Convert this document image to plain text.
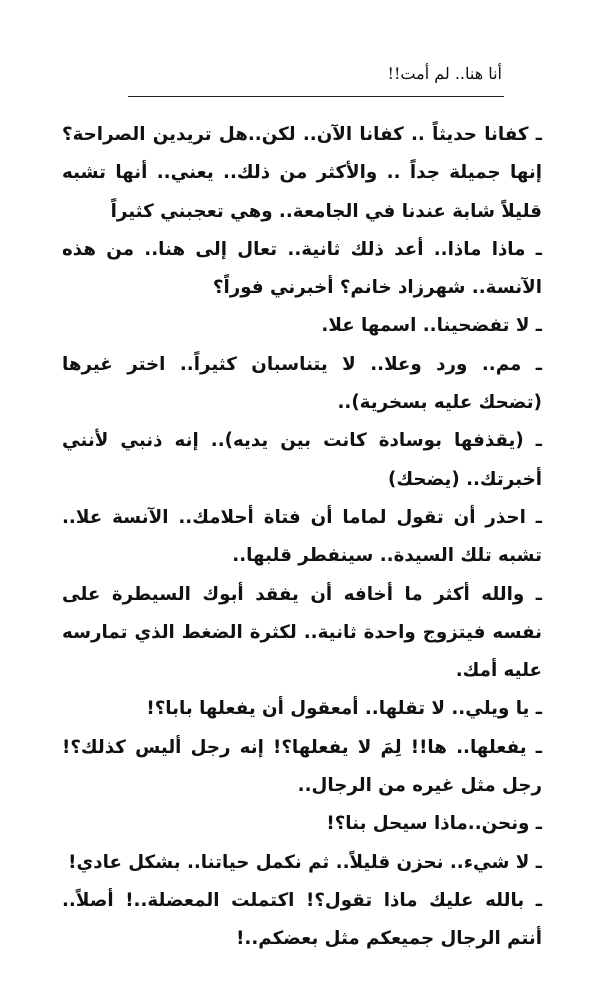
أنا هنا.. لم أمت!!

ـ كفانا حديثاً .. كفانا الآن.. لكن..هل تريدين الصراحة؟ إنها جميلة جداً .. والأكثر من ذلك.. يعني.. أنها تشبه قليلاً شابة عندنا في الجامعة.. وهي تعجبني كثيراً

ـ ماذا ماذا.. أعد ذلك ثانية.. تعال إلى هنا.. من هذه الآنسة.. شهرزاد خانم؟ أخبرني فوراً؟

ـ لا تفضحينا.. اسمها علا.

ـ مم.. ورد وعلا.. لا يتناسبان كثيراً.. اختر غيرها (تضحك عليه بسخرية)..

ـ (يقذفها بوسادة كانت بين يديه).. إنه ذنبي لأنني أخبرتك.. (يضحك)

ـ احذر أن تقول لماما أن فتاة أحلامك.. الآنسة علا.. تشبه تلك السيدة.. سينفطر قلبها..

ـ والله أكثر ما أخافه أن يفقد أبوك السيطرة على نفسه فيتزوج واحدة ثانية.. لكثرة الضغط الذي تمارسه عليه أمك.

ـ يا ويلي.. لا تقلها.. أمعقول أن يفعلها بابا؟!

ـ يفعلها.. ها!! لِمَ لا يفعلها؟! إنه رجل أليس كذلك؟! رجل مثل غيره من الرجال..

ـ ونحن..ماذا سيحل بنا؟!

ـ لا شيء.. نحزن قليلاً.. ثم نكمل حياتنا.. بشكل عادي!

ـ بالله عليك ماذا تقول؟! اكتملت المعضلة..! أصلاً.. أنتم الرجال جميعكم مثل بعضكم..!
